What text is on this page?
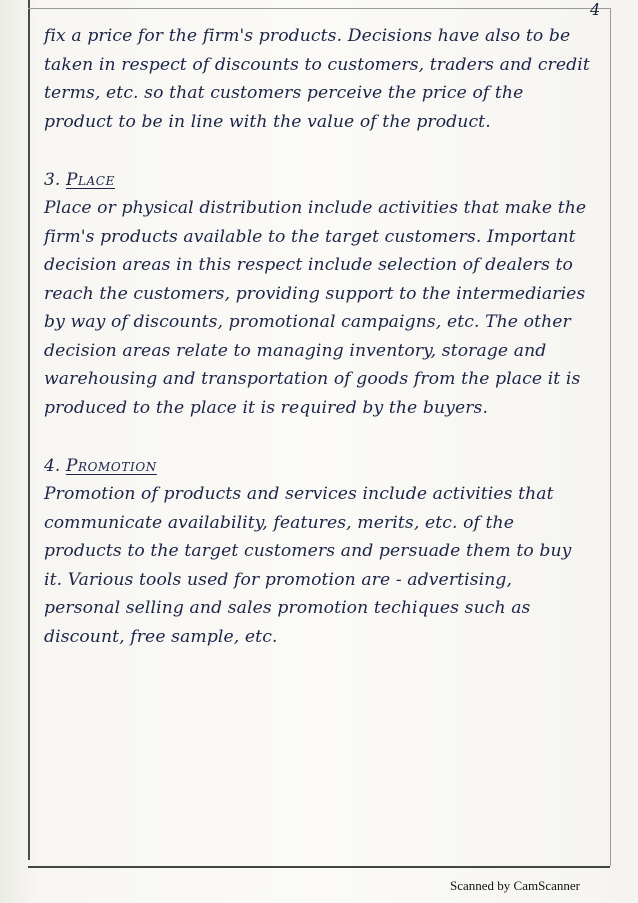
4

fix a price for the firm's products. Decisions have also to be taken in respect of discounts to customers, traders and credit terms, etc. so that customers perceive the price of the product to be in line with the value of the product.

3. Place

Place or physical distribution include activities that make the firm's products available to the target customers. Important decision areas in this respect include selection of dealers to reach the customers, providing support to the intermediaries by way of discounts, promotional campaigns, etc. The other decision areas relate to managing inventory, storage and warehousing and transportation of goods from the place it is produced to the place it is required by the buyers.

4. Promotion

Promotion of products and services include activities that communicate availability, features, merits, etc. of the products to the target customers and persuade them to buy it. Various tools used for promotion are - advertising, personal selling and sales promotion techiques such as discount, free sample, etc.

Scanned by CamScanner
